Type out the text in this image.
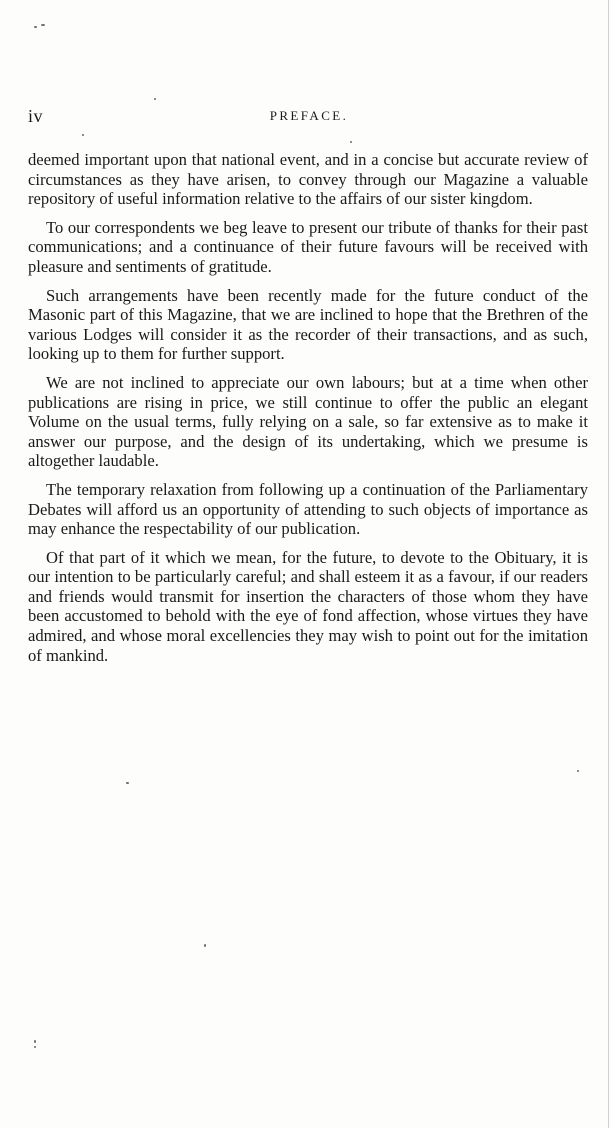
iv	PREFACE.

deemed important upon that national event, and in a concise but accurate review of circumstances as they have arisen, to convey through our Magazine a valuable repository of useful information relative to the affairs of our sister kingdom.

To our correspondents we beg leave to present our tribute of thanks for their past communications; and a continuance of their future favours will be received with pleasure and sentiments of gratitude.

Such arrangements have been recently made for the future conduct of the Masonic part of this Magazine, that we are inclined to hope that the Brethren of the various Lodges will consider it as the recorder of their transactions, and as such, looking up to them for further support.

We are not inclined to appreciate our own labours; but at a time when other publications are rising in price, we still continue to offer the public an elegant Volume on the usual terms, fully relying on a sale, so far extensive as to make it answer our purpose, and the design of its undertaking, which we presume is altogether laudable.

The temporary relaxation from following up a continuation of the Parliamentary Debates will afford us an opportunity of attending to such objects of importance as may enhance the respectability of our publication.

Of that part of it which we mean, for the future, to devote to the Obituary, it is our intention to be particularly careful; and shall esteem it as a favour, if our readers and friends would transmit for insertion the characters of those whom they have been accustomed to behold with the eye of fond affection, whose virtues they have admired, and whose moral excellencies they may wish to point out for the imitation of mankind.
